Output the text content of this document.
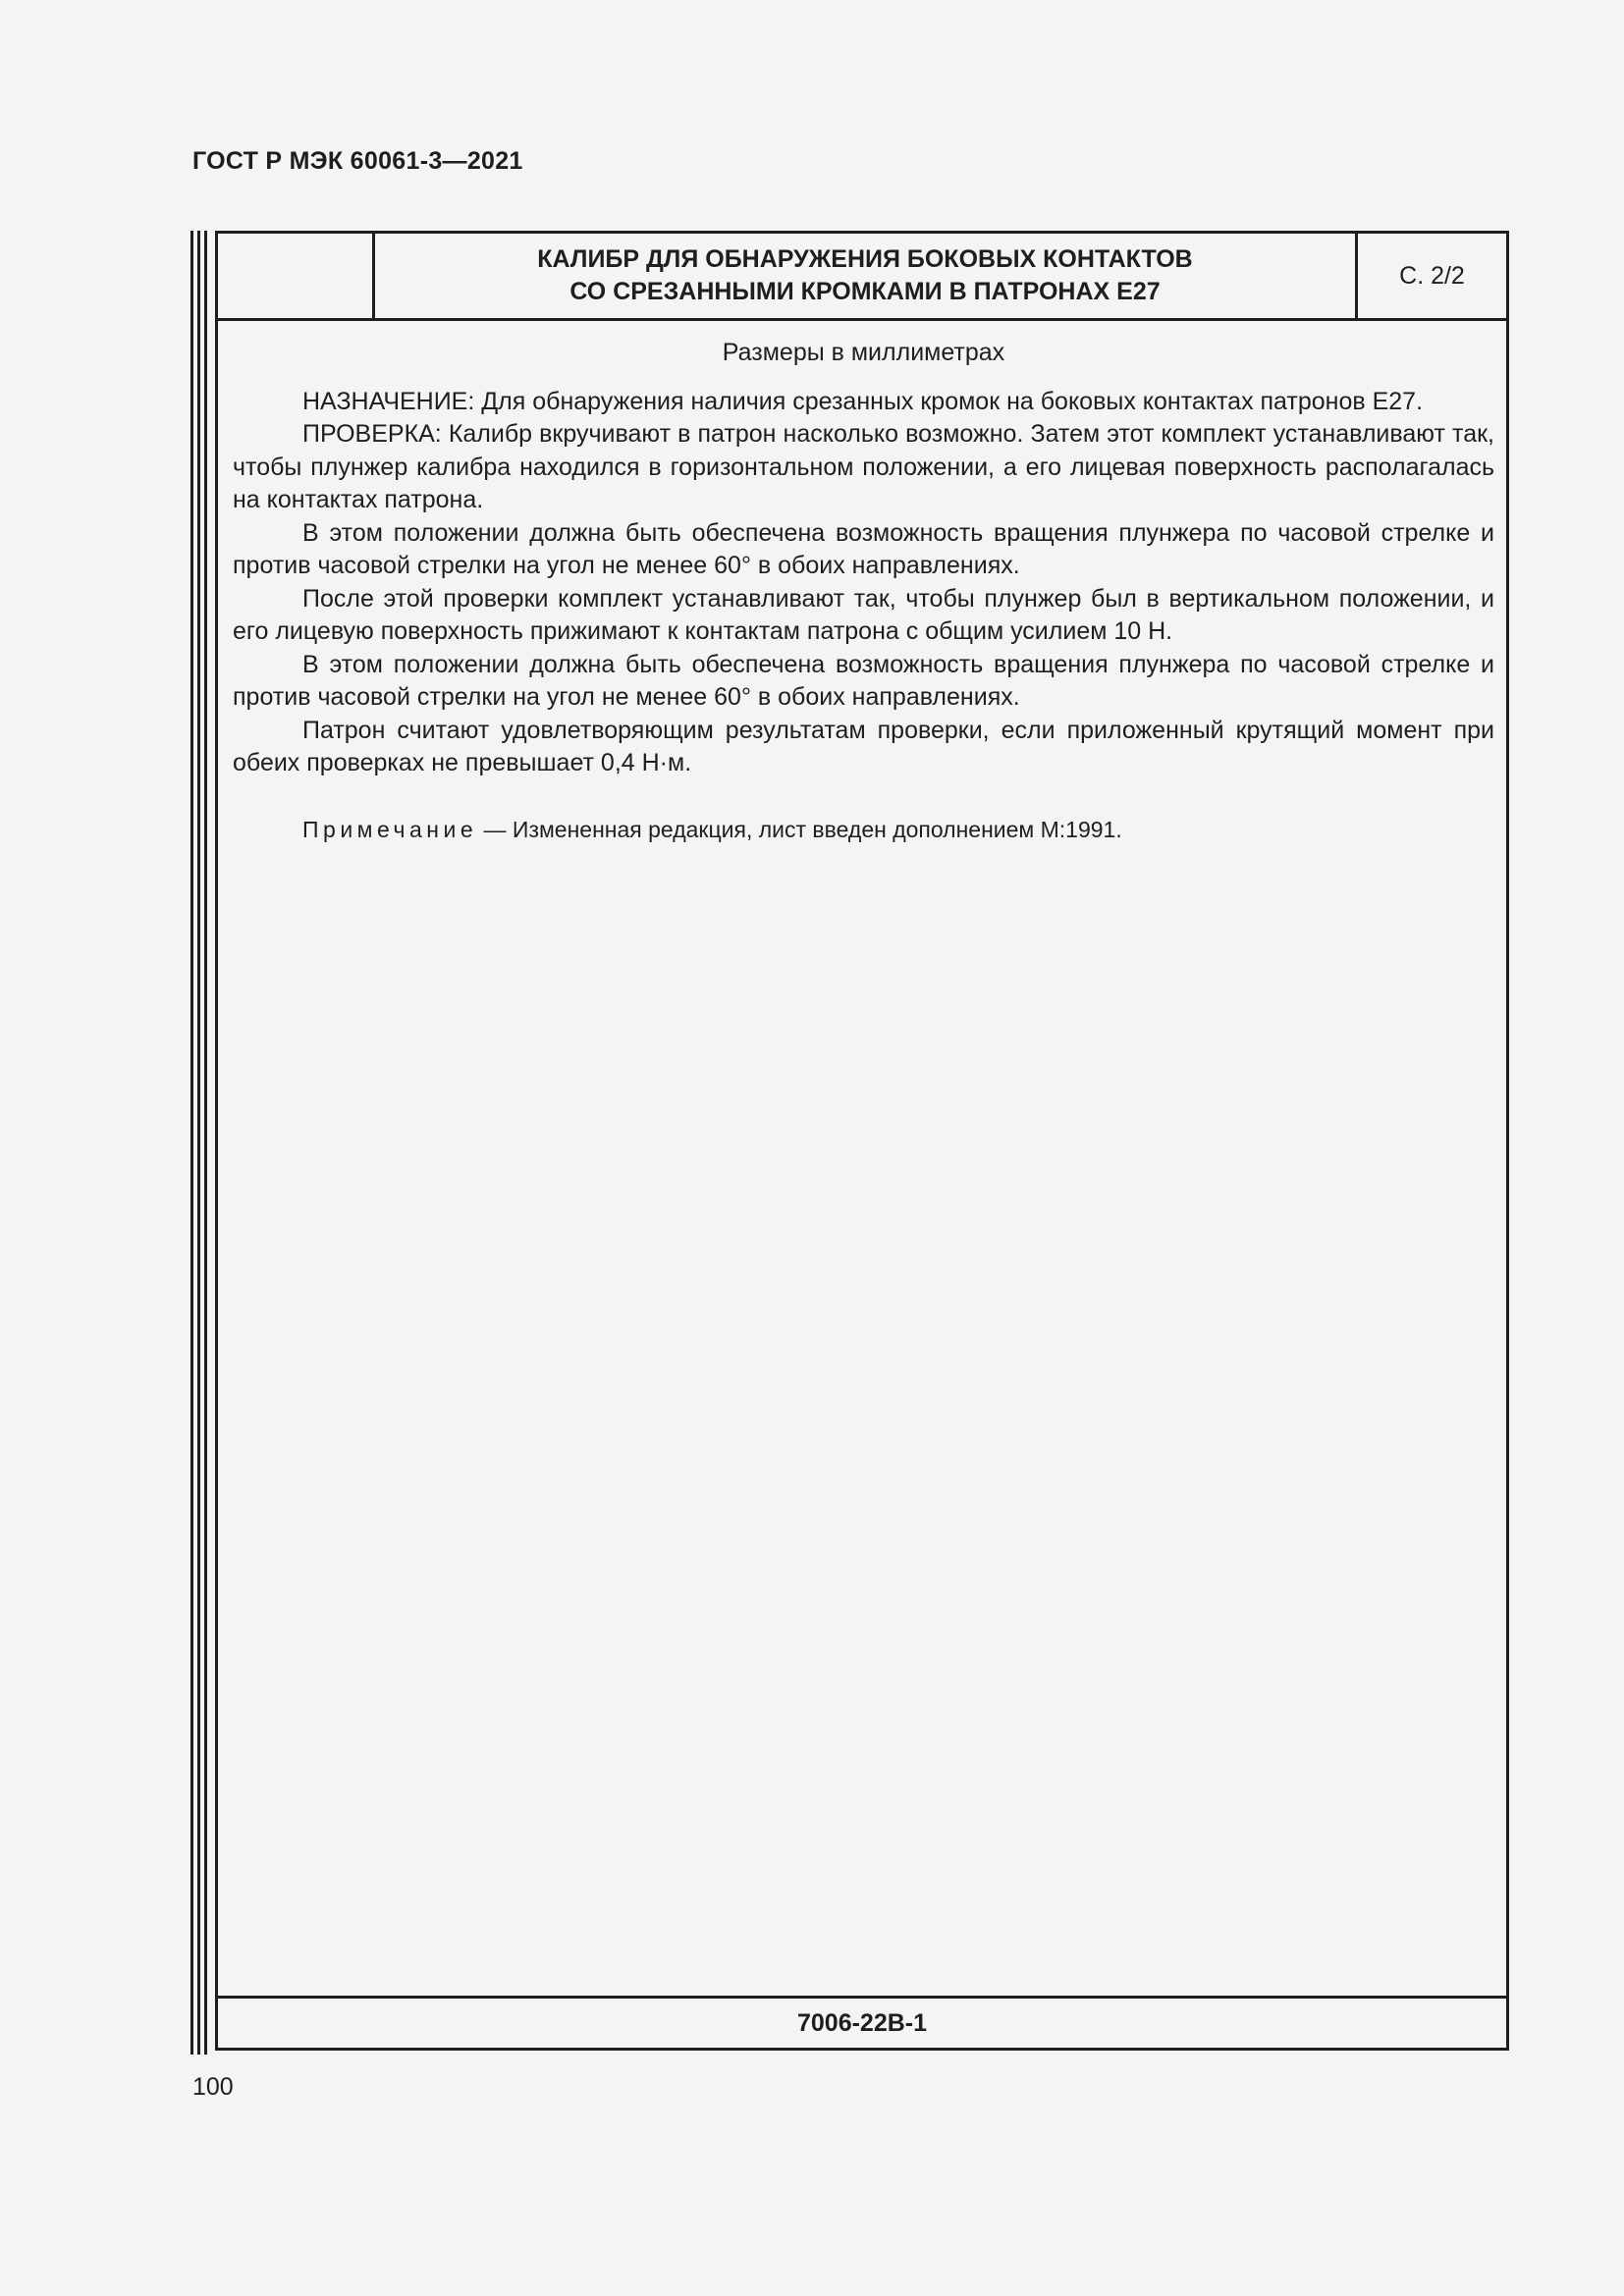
ГОСТ Р МЭК 60061-3—2021
КАЛИБР ДЛЯ ОБНАРУЖЕНИЯ БОКОВЫХ КОНТАКТОВ
СО СРЕЗАННЫМИ КРОМКАМИ В ПАТРОНАХ Е27
С. 2/2
Размеры в миллиметрах

НАЗНАЧЕНИЕ: Для обнаружения наличия срезанных кромок на боковых контактах патронов Е27.

ПРОВЕРКА: Калибр вкручивают в патрон насколько возможно. Затем этот комплект устанавливают так, чтобы плунжер калибра находился в горизонтальном положении, а его лицевая поверхность располагалась на контактах патрона.

В этом положении должна быть обеспечена возможность вращения плунжера по часовой стрелке и против часовой стрелки на угол не менее 60° в обоих направлениях.

После этой проверки комплект устанавливают так, чтобы плунжер был в вертикальном положении, и его лицевую поверхность прижимают к контактам патрона с общим усилием 10 Н.

В этом положении должна быть обеспечена возможность вращения плунжера по часовой стрелке и против часовой стрелки на угол не менее 60° в обоих направлениях.

Патрон считают удовлетворяющим результатам проверки, если приложенный крутящий момент при обеих проверках не превышает 0,4 Н·м.

Примечание — Измененная редакция, лист введен дополнением М:1991.
7006-22В-1
100
